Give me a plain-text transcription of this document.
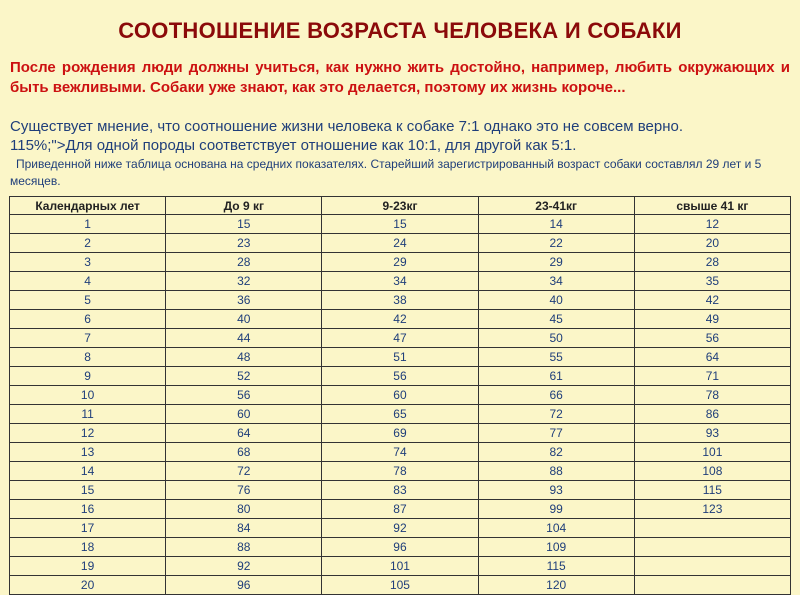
СООТНОШЕНИЕ ВОЗРАСТА ЧЕЛОВЕКА И СОБАКИ
После рождения люди должны учиться, как нужно жить достойно, например, любить окружающих и быть вежливыми. Собаки уже знают, как это делается, поэтому их жизнь короче...
Существует мнение, что соотношение жизни человека к собаке 7:1 однако это не совсем верно.
115%;">Для одной породы соответствует отношение как 10:1, для другой как 5:1.
Приведенной ниже таблица основана на средних показателях. Старейший зарегистрированный возраст собаки составлял 29 лет и 5 месяцев.
Календарных лет	До 9 кг	9-23кг	23-41кг	свыше 41 кг
1	15	15	14	12
2	23	24	22	20
3	28	29	29	28
4	32	34	34	35
5	36	38	40	42
6	40	42	45	49
7	44	47	50	56
8	48	51	55	64
9	52	56	61	71
10	56	60	66	78
11	60	65	72	86
12	64	69	77	93
13	68	74	82	101
14	72	78	88	108
15	76	83	93	115
16	80	87	99	123
17	84	92	104	
18	88	96	109	
19	92	101	115	
20	96	105	120	
